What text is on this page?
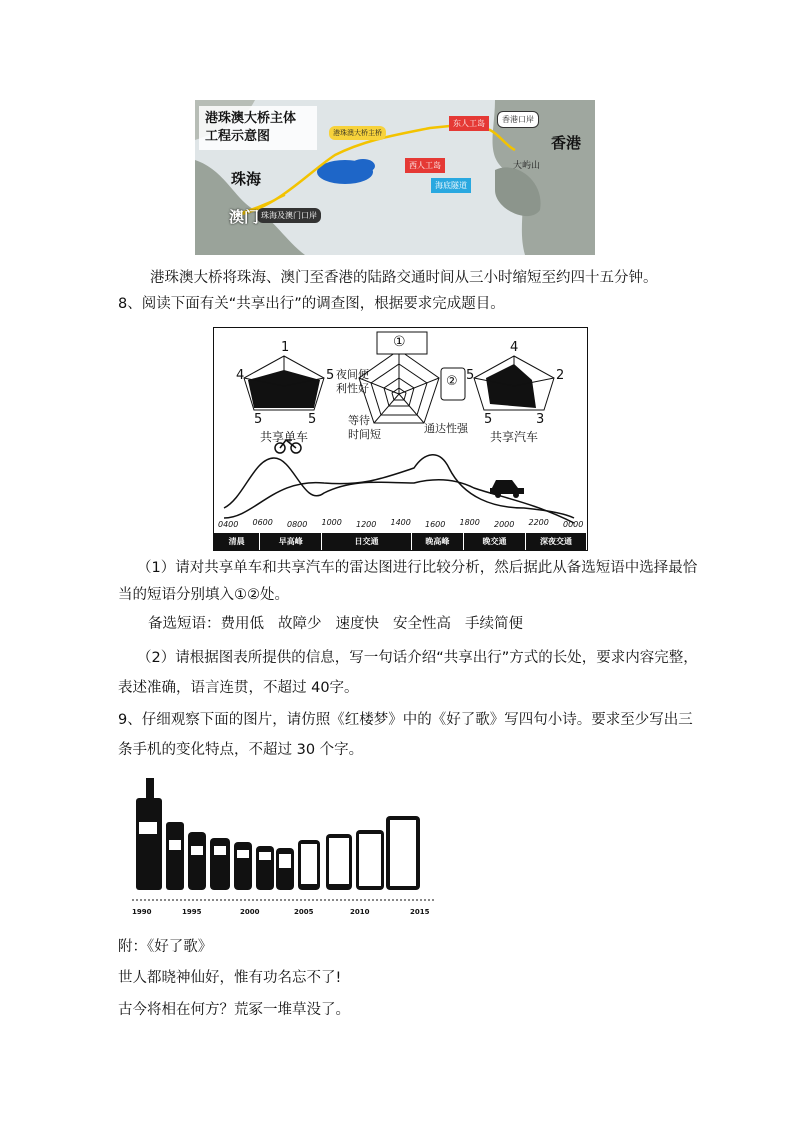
港珠澳大桥主体
工程示意图	港珠澳大桥主桥
东人工岛
西人工岛
香港口岸
海底隧道
珠海及澳门口岸
珠海
澳门
香港
大屿山
港珠澳大桥将珠海、澳门至香港的陆路交通时间从三小时缩短至约四十五分钟。
8、阅读下面有关“共享出行”的调查图，根据要求完成题目。
1
4	5
5	5
共享单车
①
②
夜间便
利性好
等待
时间短	通达性强
4
5	2
5	3
共享汽车
0400 0600 0800 1000 1200 1400 1600 1800 2000 2200 0000
清晨	早高峰	日交通	晚高峰	晚交通	深夜交通
（1）请对共享单车和共享汽车的雷达图进行比较分析，然后据此从备选短语中选择最恰
当的短语分别填入①②处。
备选短语： 费用低 故障少 速度快 安全性高 手续简便
（2）请根据图表所提供的信息，写一句话介绍“共享出行”方式的长处，要求内容完整，
表述准确，语言连贯，不超过 40字。
9、仔细观察下面的图片，请仿照《红楼梦》中的《好了歌》写四句小诗。要求至少写出三
条手机的变化特点，不超过 30 个字。
1990	1995	2000	2005	2010	2015
附：《好了歌》
世人都晓神仙好，惟有功名忘不了!
古今将相在何方？荒冢一堆草没了。
